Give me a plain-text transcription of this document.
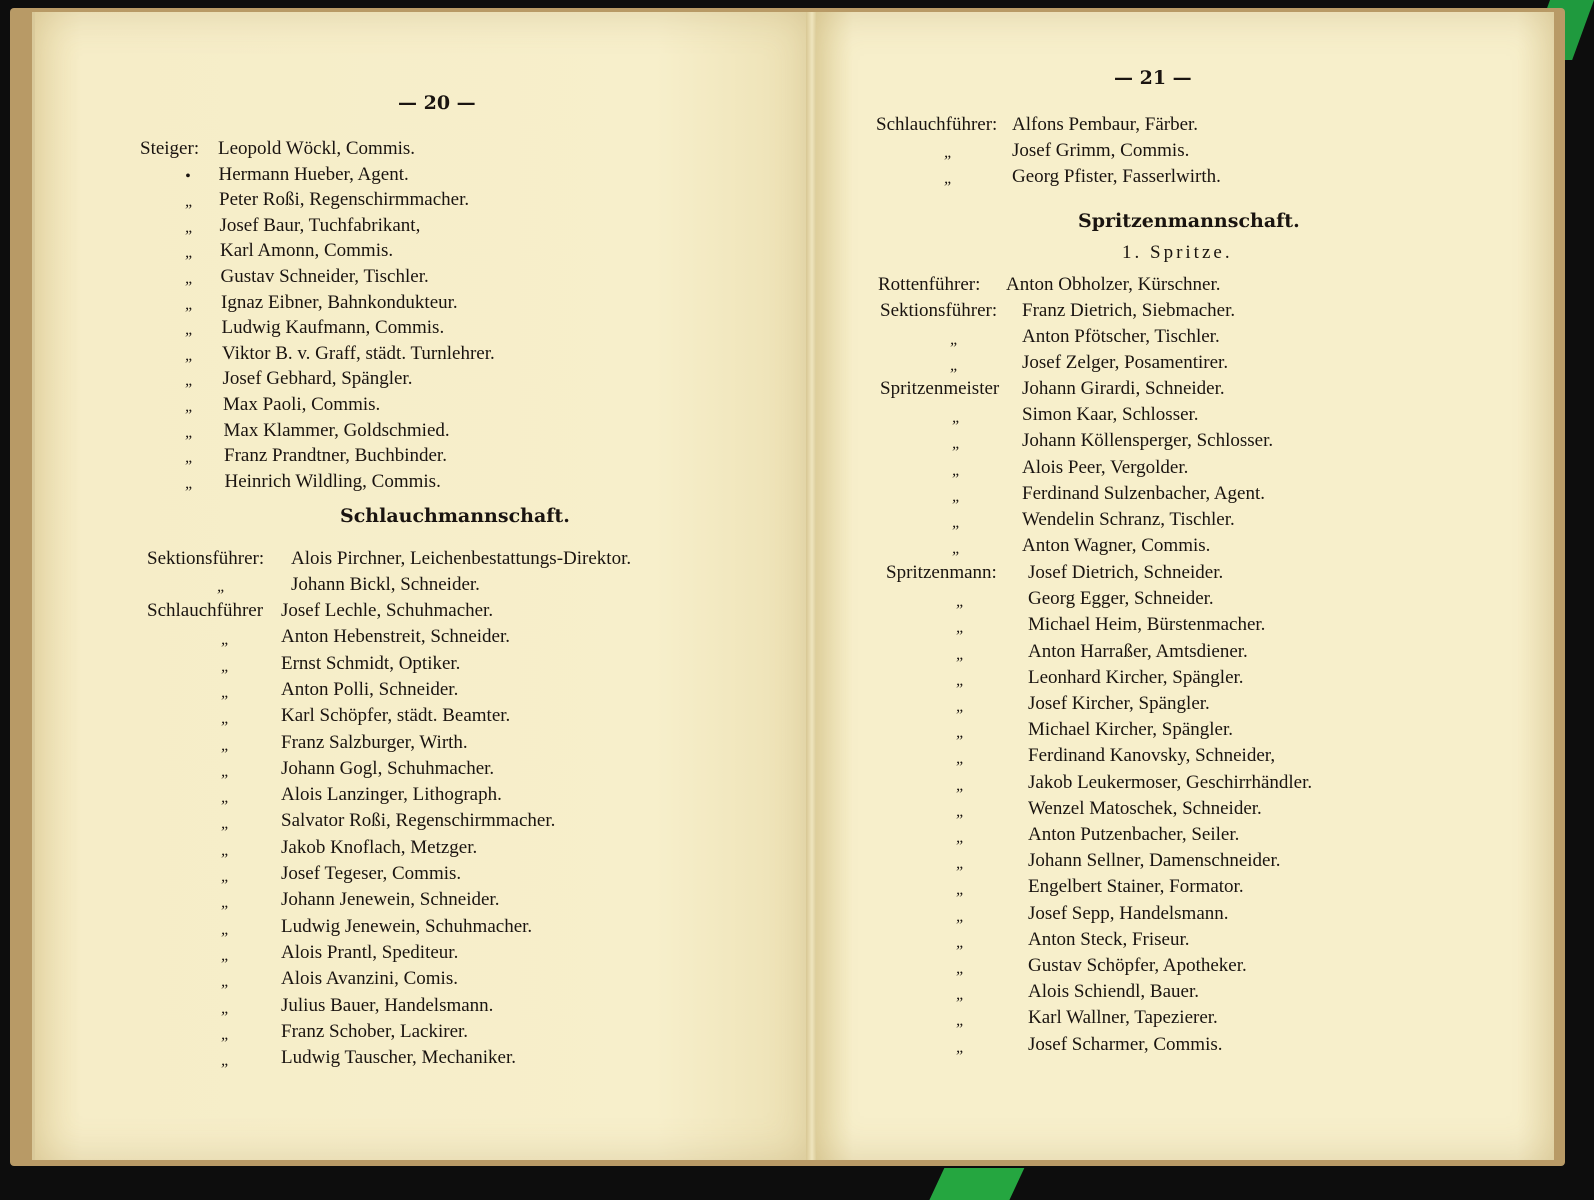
— 20 —
Steiger: Leopold Wöckl, Commis.
Hermann Hueber, Agent.
•
Peter Roßi, Regenschirmmacher.
„
Josef Baur, Tuchfabrikant,
„
Karl Amonn, Commis.
„
Gustav Schneider, Tischler.
„
Ignaz Eibner, Bahnkondukteur.
„
Ludwig Kaufmann, Commis.
„
Viktor B. v. Graff, städt. Turnlehrer.
„
Josef Gebhard, Spängler.
„
Max Paoli, Commis.
„
Max Klammer, Goldschmied.
„
Franz Prandtner, Buchbinder.
„
Heinrich Wildling, Commis.
„
Schlauchmannschaft.
Sektionsführer: Alois Pirchner, Leichenbestattungs-Direktor.
Johann Bickl, Schneider.
„
Schlauchführer Josef Lechle, Schuhmacher.
Anton Hebenstreit, Schneider.
„
Ernst Schmidt, Optiker.
„
Anton Polli, Schneider.
„
Karl Schöpfer, städt. Beamter.
„
Franz Salzburger, Wirth.
„
Johann Gogl, Schuhmacher.
„
Alois Lanzinger, Lithograph.
„
Salvator Roßi, Regenschirmmacher.
„
Jakob Knoflach, Metzger.
„
Josef Tegeser, Commis.
„
Johann Jenewein, Schneider.
„
Ludwig Jenewein, Schuhmacher.
„
Alois Prantl, Spediteur.
„
Alois Avanzini, Comis.
„
Julius Bauer, Handelsmann.
„
Franz Schober, Lackirer.
„
Ludwig Tauscher, Mechaniker.
„
— 21 —
Schlauchführer: Alfons Pembaur, Färber.
Josef Grimm, Commis.
„
Georg Pfister, Fasserlwirth.
„
Spritzenmannschaft.
1. Spritze.
Rottenführer: Anton Obholzer, Kürschner.
Sektionsführer: Franz Dietrich, Siebmacher.
Anton Pfötscher, Tischler.
„
Josef Zelger, Posamentirer.
„
Spritzenmeister Johann Girardi, Schneider.
Simon Kaar, Schlosser.
„
Johann Köllensperger, Schlosser.
„
Alois Peer, Vergolder.
„
Ferdinand Sulzenbacher, Agent.
„
Wendelin Schranz, Tischler.
„
Anton Wagner, Commis.
„
Spritzenmann: Josef Dietrich, Schneider.
Georg Egger, Schneider.
„
Michael Heim, Bürstenmacher.
„
Anton Harraßer, Amtsdiener.
„
Leonhard Kircher, Spängler.
„
Josef Kircher, Spängler.
„
Michael Kircher, Spängler.
„
Ferdinand Kanovsky, Schneider,
„
Jakob Leukermoser, Geschirrhändler.
„
Wenzel Matoschek, Schneider.
„
Anton Putzenbacher, Seiler.
„
Johann Sellner, Damenschneider.
„
Engelbert Stainer, Formator.
„
Josef Sepp, Handelsmann.
„
Anton Steck, Friseur.
„
Gustav Schöpfer, Apotheker.
„
Alois Schiendl, Bauer.
„
Karl Wallner, Tapezierer.
„
Josef Scharmer, Commis.
„
